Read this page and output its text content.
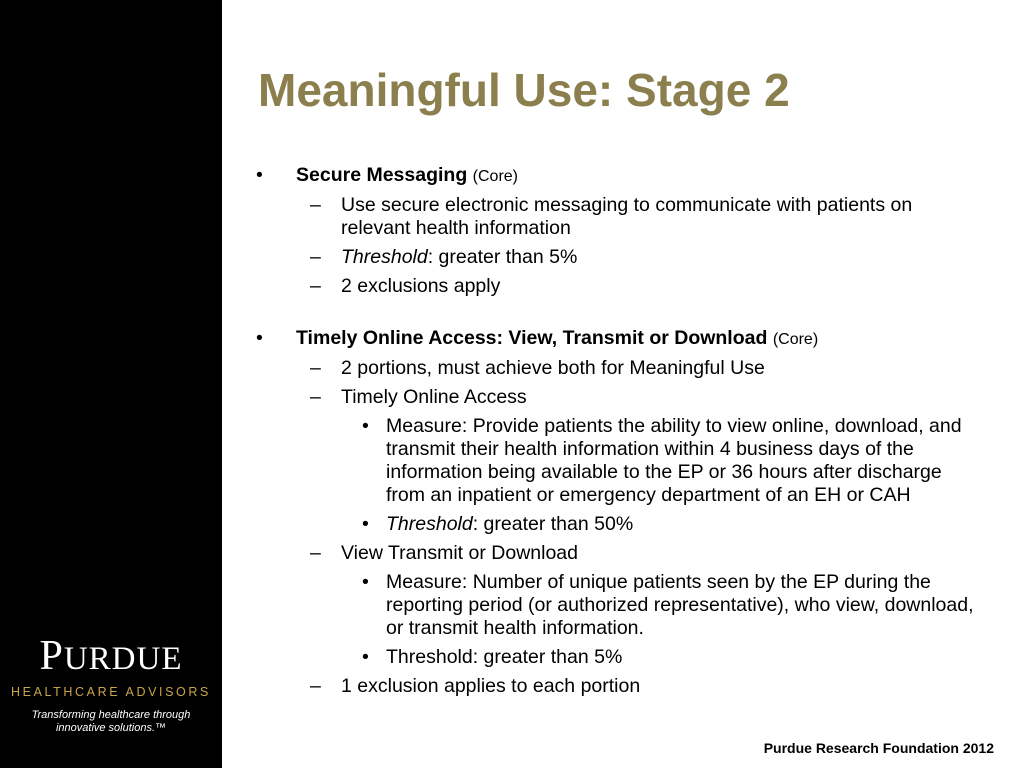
PURDUE
HEALTHCARE ADVISORS
Transforming healthcare through
innovative solutions.™
Meaningful Use: Stage 2
• Secure Messaging (Core)
– Use secure electronic messaging to communicate with patients on relevant health information
– Threshold: greater than 5%
– 2 exclusions apply
• Timely Online Access: View, Transmit or Download (Core)
– 2 portions, must achieve both for Meaningful Use
– Timely Online Access
• Measure: Provide patients the ability to view online, download, and transmit their health information within 4 business days of the information being available to the EP or 36 hours after discharge from an inpatient or emergency department of an EH or CAH
• Threshold: greater than 50%
– View Transmit or Download
• Measure: Number of unique patients seen by the EP during the reporting period (or authorized representative), who view, download, or transmit health information.
• Threshold: greater than 5%
– 1 exclusion applies to each portion
Purdue Research Foundation 2012
